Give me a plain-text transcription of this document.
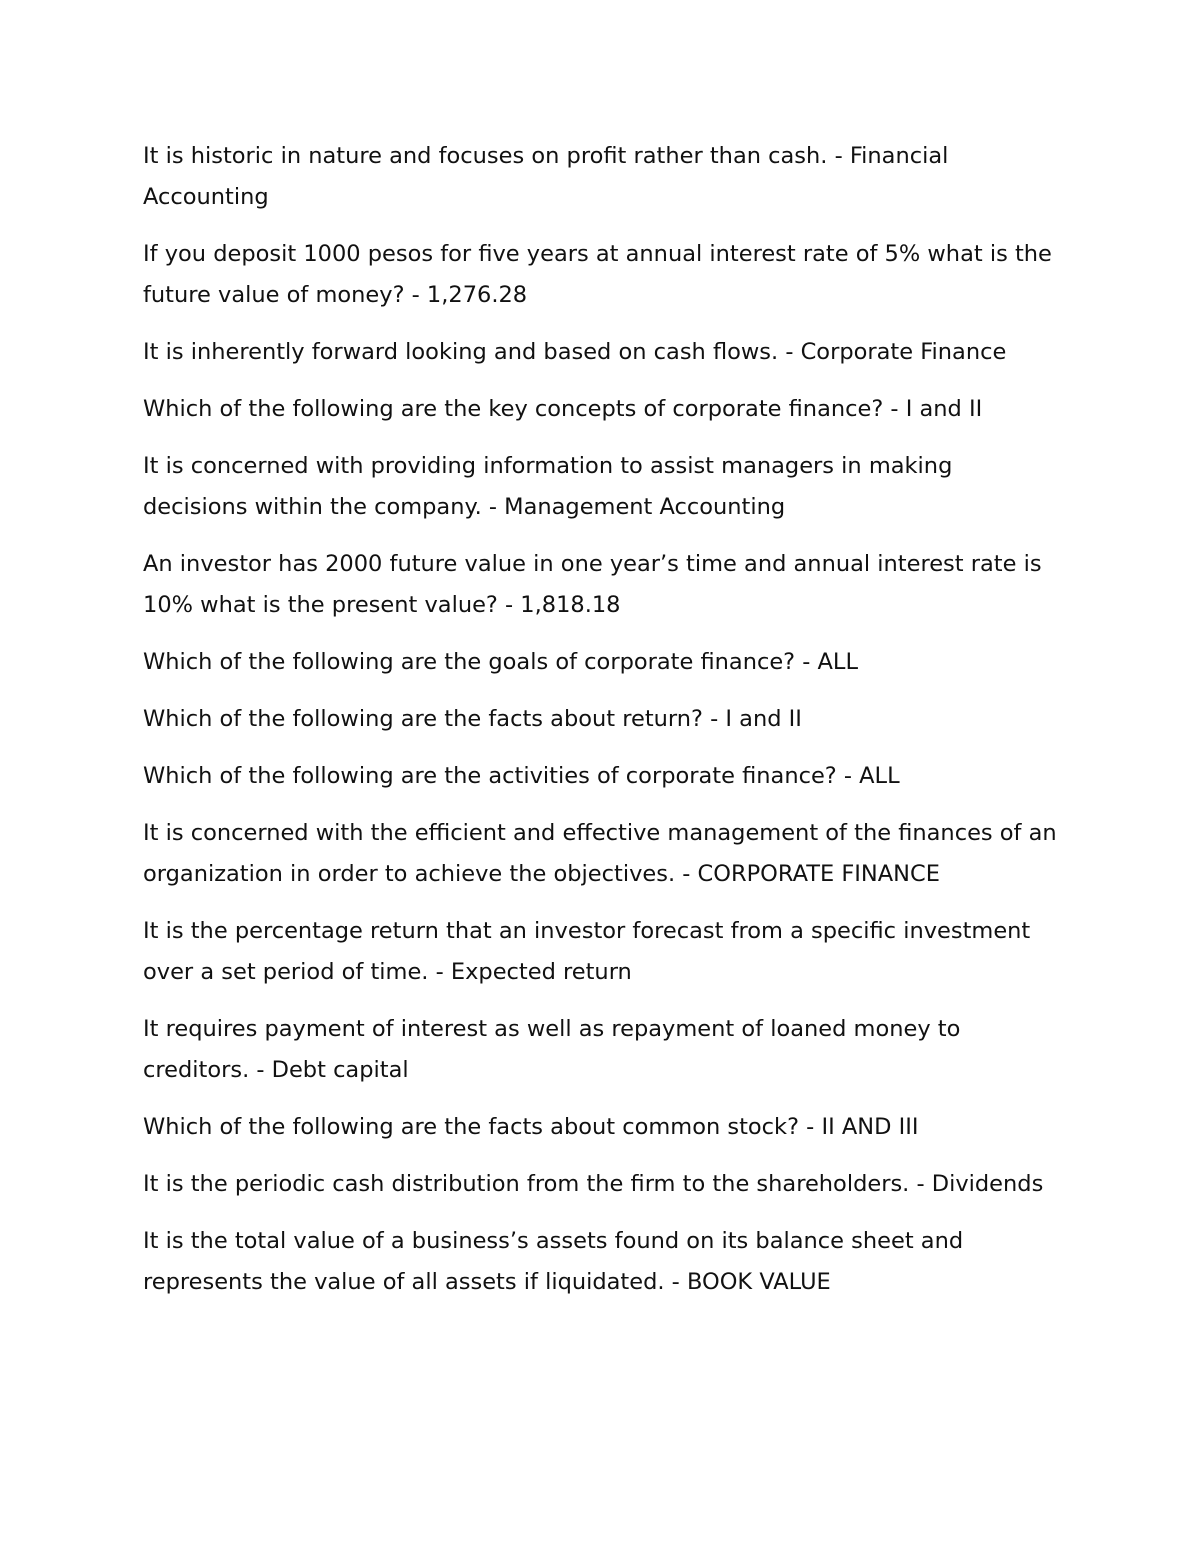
It is historic in nature and focuses on profit rather than cash. - Financial Accounting

If you deposit 1000 pesos for five years at annual interest rate of 5% what is the future value of money? - 1,276.28

It is inherently forward looking and based on cash flows. - Corporate Finance

Which of the following are the key concepts of corporate finance? - I and II

It is concerned with providing information to assist managers in making decisions within the company. - Management Accounting

An investor has 2000 future value in one year’s time and annual interest rate is 10% what is the present value? - 1,818.18

Which of the following are the goals of corporate finance? - ALL

Which of the following are the facts about return? - I and II

Which of the following are the activities of corporate finance? - ALL

It is concerned with the efficient and effective management of the finances of an organization in order to achieve the objectives. - CORPORATE FINANCE

It is the percentage return that an investor forecast from a specific investment over a set period of time. - Expected return

It requires payment of interest as well as repayment of loaned money to creditors. - Debt capital

Which of the following are the facts about common stock? - II AND III

It is the periodic cash distribution from the firm to the shareholders. - Dividends

It is the total value of a business’s assets found on its balance sheet and represents the value of all assets if liquidated. - BOOK VALUE
